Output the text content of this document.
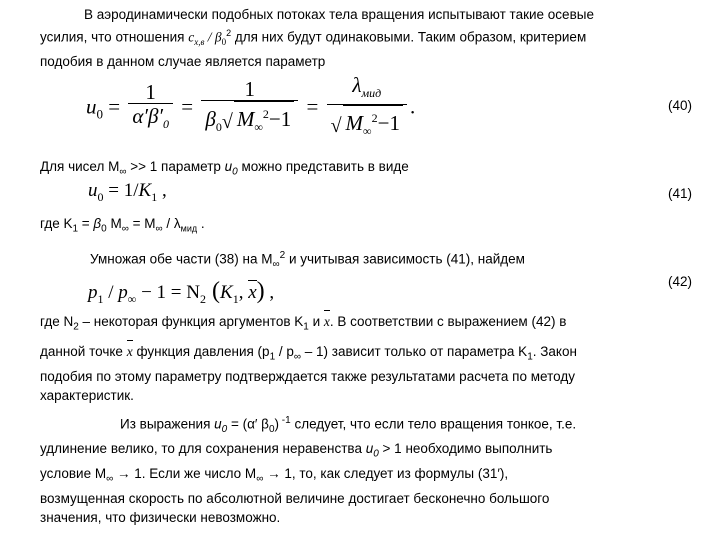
В аэродинамически подобных потоках тела вращения испытывают такие осевые
усилия, что отношения $c_{x,в} / \beta_0^2$ для них будут одинаковыми. Таким образом, критерием
подобия в данном случае является параметр
$u_0 = \frac{1}{\alpha'\beta'_0} = \frac{1}{\beta_0√ M_\infty^2-1} = \frac{\lambda_{мид}}{√ M_\infty^2-1}$ .	(40)
Для чисел $M_\infty >> 1$ параметр $u_0$ можно представить в виде
$u_0 = 1/K_1$ ,	(41)
где $K_1 = \beta_0$ $M_\infty = M_\infty / \lambda_{мид}$ .
Умножая обе части (38) на $M_\infty^2$ и учитывая зависимость (41), найдем
(42)
$p_1 / p_\infty - 1 = N_2$ ($K_1$, x) ,
где $N_2$ – некоторая функция аргументов $K_1$ и x. В соответствии с выражением (42) в
данной точке x функция давления $(p_1 / p_\infty - 1)$ зависит только от параметра $K_1$. Закон
подобия по этому параметру подтверждается также результатами расчета по методу
характеристик.
Из выражения $u_0 = (\alpha'$ $\beta_0$) $^{-1}$ следует, что если тело вращения тонкое, т.е.
удлинение велико, то для сохранения неравенства $u_0 > 1$ необходимо выполнить
условие $M_\infty \to 1$. Если же число $M_\infty \to 1$, то, как следует из формулы (31′),
возмущенная скорость по абсолютной величине достигает бесконечно большого
значения, что физически невозможно.
